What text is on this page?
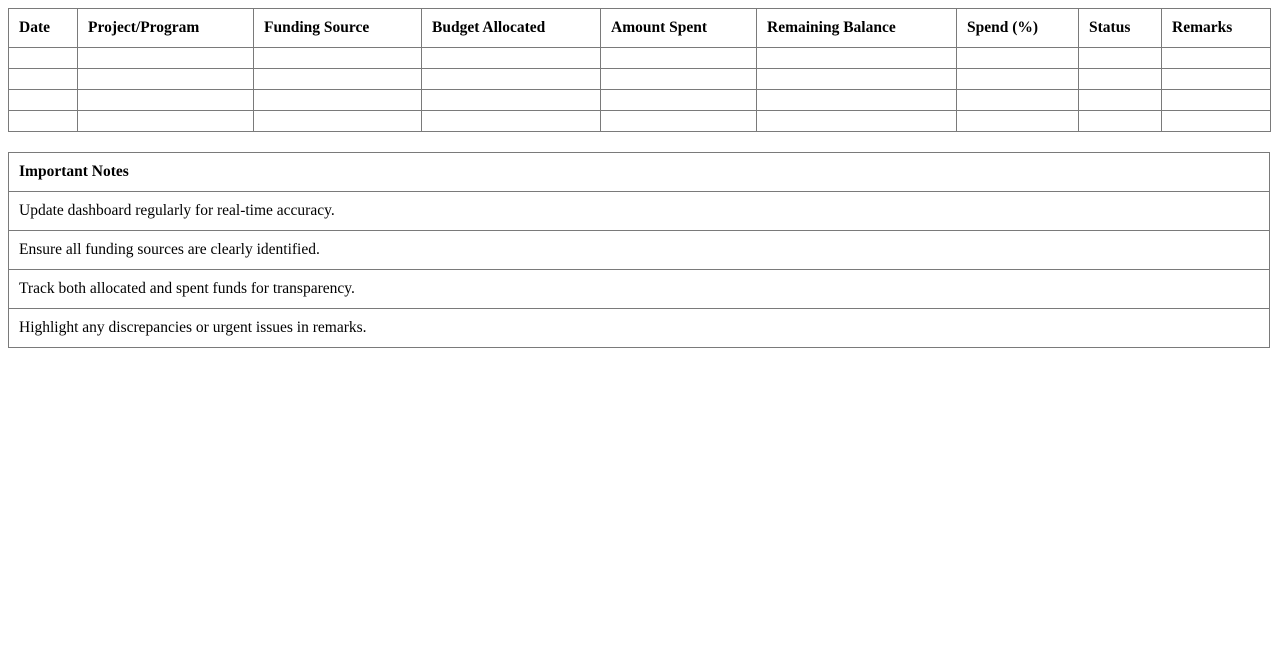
Date	Project/Program	Funding Source	Budget Allocated	Amount Spent	Remaining Balance	Spend (%)	Status	Remarks

Important Notes
Update dashboard regularly for real-time accuracy.
Ensure all funding sources are clearly identified.
Track both allocated and spent funds for transparency.
Highlight any discrepancies or urgent issues in remarks.
